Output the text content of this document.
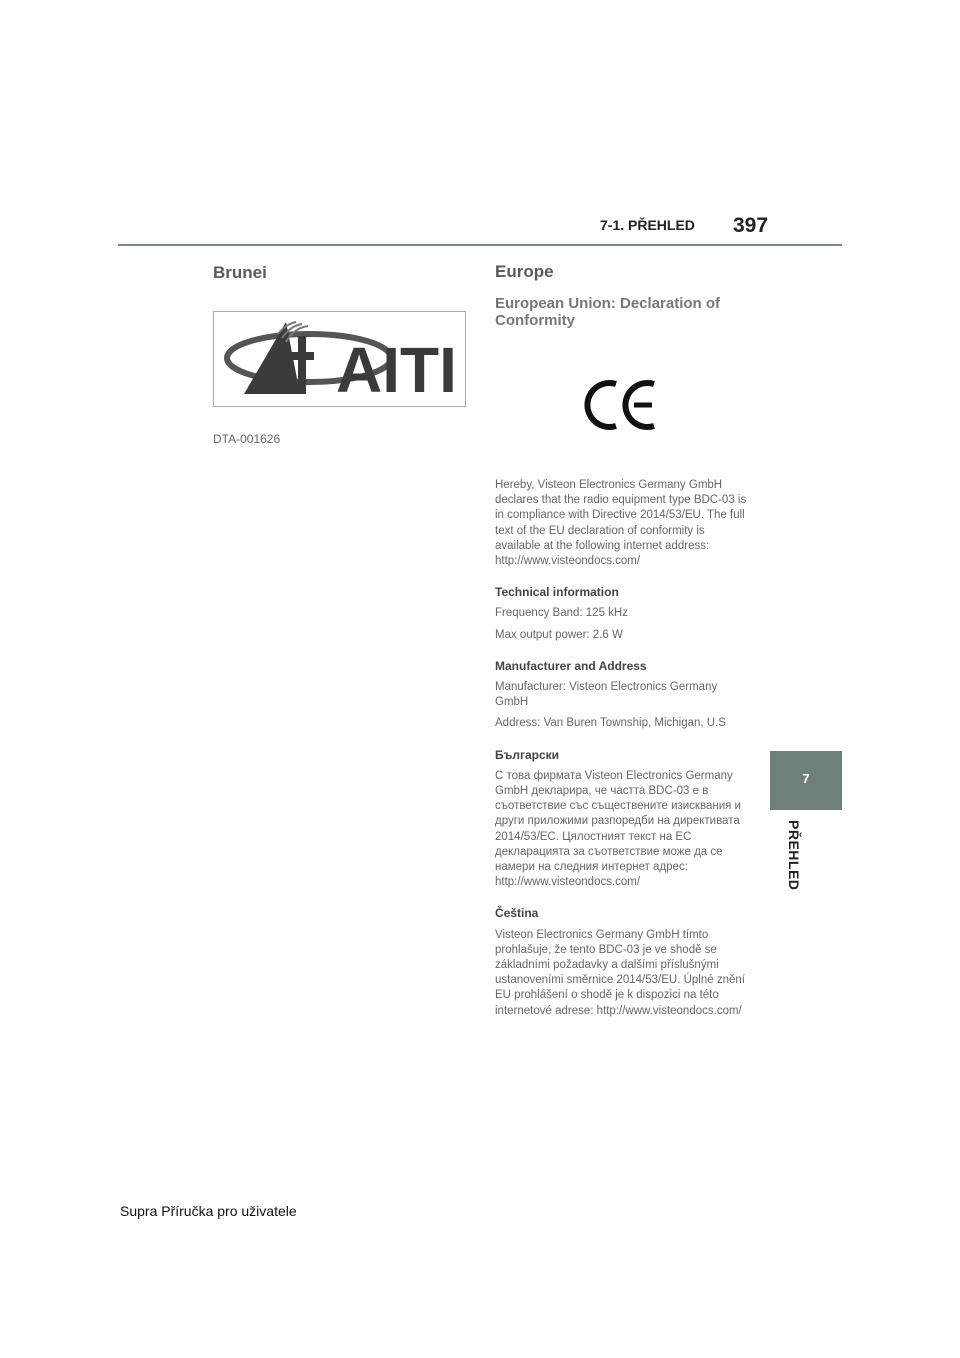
7-1. PŘEHLED 397
7
PŘEHLED
Brunei
AITI
DTA-001626
Europe
European Union: Declaration of Conformity

Hereby, Visteon Electronics Germany GmbH declares that the radio equipment type BDC-03 is in compliance with Directive 2014/53/EU. The full text of the EU declaration of conformity is available at the following internet address: http://www.visteondocs.com/

Technical information

Frequency Band: 125 kHz

Max output power: 2.6 W

Manufacturer and Address

Manufacturer: Visteon Electronics Germany GmbH

Address: Van Buren Township, Michigan, U.S

Български

С това фирмата Visteon Electronics Germany GmbH декларира, че частта BDC-03 е в съответствие със съществените изисквания и други приложими разпоредби на директивата 2014/53/EC. Цялостният текст на ЕС декларацията за съответствие може да се намери на следния интернет адрес: http://www.visteondocs.com/

Čeština

Visteon Electronics Germany GmbH tímto prohlašuje, že tento BDC-03 je ve shodě se základními požadavky a dalšími příslušnými ustanoveními směrnice 2014/53/EU. Úplné znění EU prohlášení o shodě je k dispozici na této internetové adrese: http://www.visteondocs.com/

Supra Příručka pro uživatele
